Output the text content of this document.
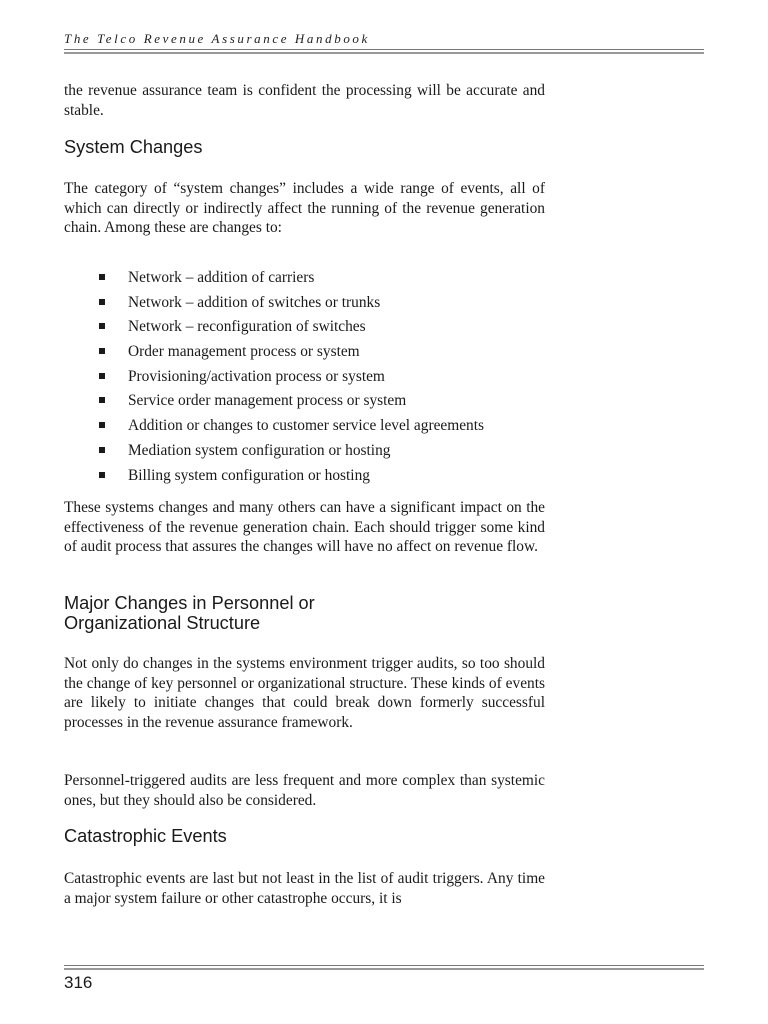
The Telco Revenue Assurance Handbook

the revenue assurance team is confident the processing will be accurate and stable.

System Changes

The category of “system changes” includes a wide range of events, all of which can directly or indirectly affect the running of the revenue generation chain. Among these are changes to:

Network – addition of carriers
Network – addition of switches or trunks
Network – reconfiguration of switches
Order management process or system
Provisioning/activation process or system
Service order management process or system
Addition or changes to customer service level agreements
Mediation system configuration or hosting
Billing system configuration or hosting

These systems changes and many others can have a significant impact on the effectiveness of the revenue generation chain. Each should trigger some kind of audit process that assures the changes will have no affect on revenue flow.

Major Changes in Personnel or
Organizational Structure

Not only do changes in the systems environment trigger audits, so too should the change of key personnel or organizational structure. These kinds of events are likely to initiate changes that could break down formerly successful processes in the revenue assurance framework.

Personnel-triggered audits are less frequent and more complex than systemic ones, but they should also be considered.

Catastrophic Events

Catastrophic events are last but not least in the list of audit triggers. Any time a major system failure or other catastrophe occurs, it is

316
